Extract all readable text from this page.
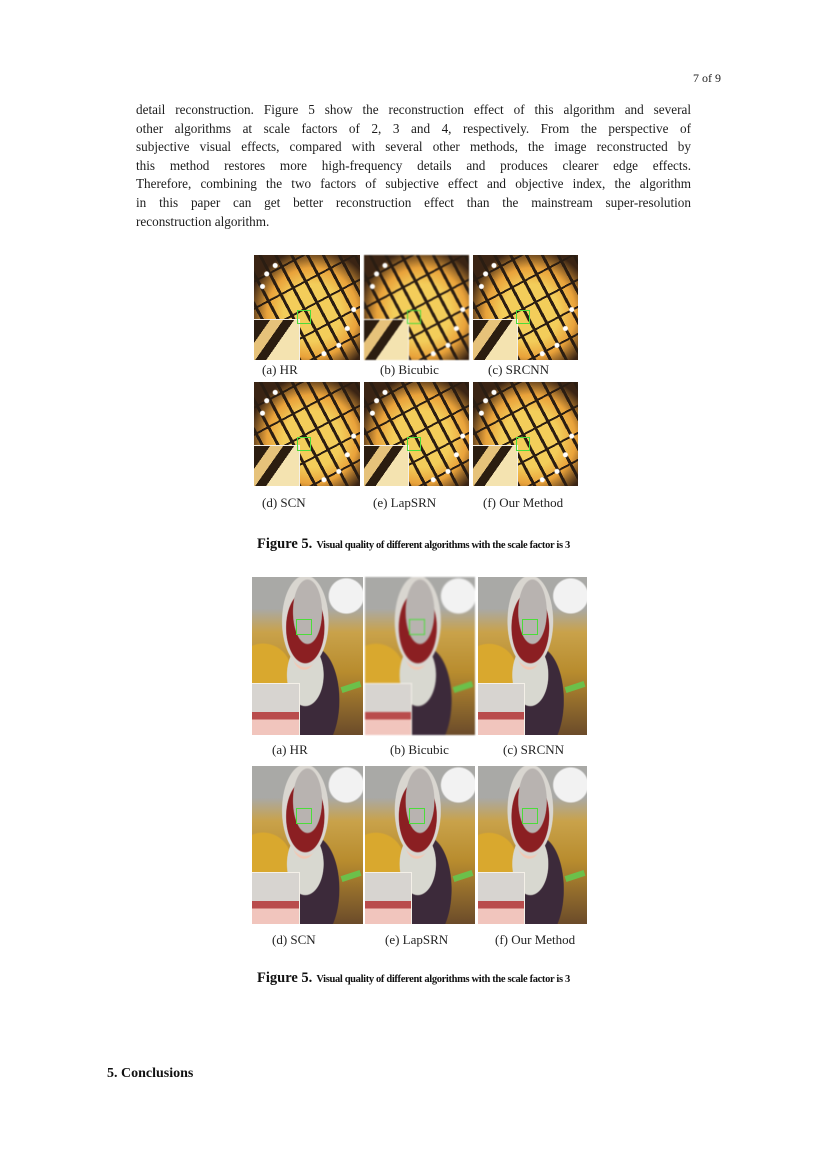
7 of 9
detail reconstruction. Figure 5 show the reconstruction effect of this algorithm and several
other algorithms at scale factors of 2, 3 and 4, respectively. From the perspective of
subjective visual effects, compared with several other methods, the image reconstructed by
this method restores more high-frequency details and produces clearer edge effects.
Therefore, combining the two factors of subjective effect and objective index, the algorithm
in this paper can get better reconstruction effect than the mainstream super-resolution
reconstruction algorithm.
(a) HR	(b) Bicubic	(c) SRCNN
(d) SCN	(e) LapSRN	(f) Our Method
Figure 5. Visual quality of different algorithms with the scale factor is 3
(a) HR	(b) Bicubic	(c) SRCNN
(d) SCN	(e) LapSRN	(f) Our Method
Figure 5. Visual quality of different algorithms with the scale factor is 3
5. Conclusions
